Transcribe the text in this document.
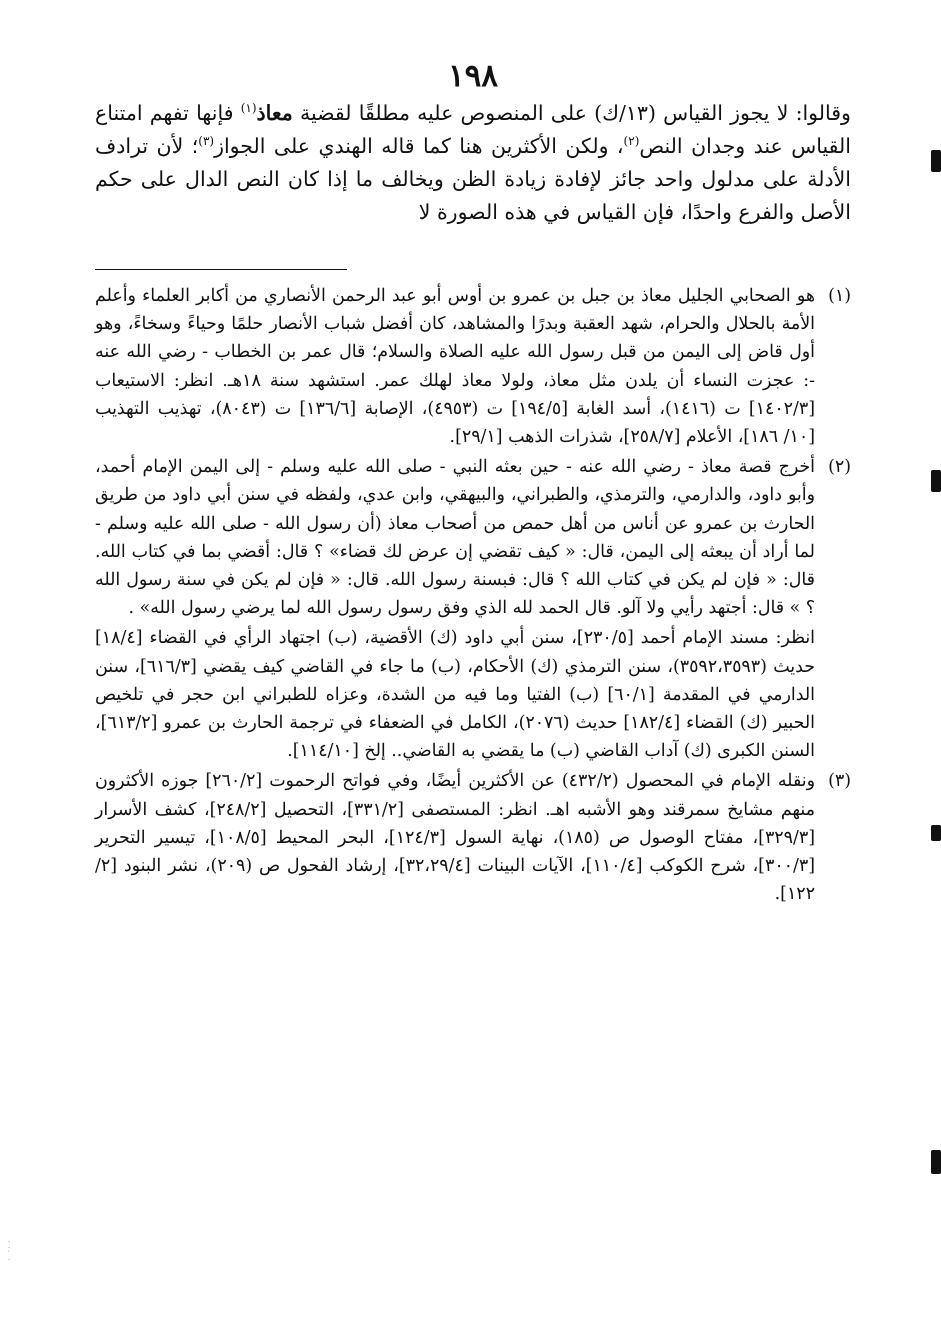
·
·
˙
·
١٩٨
وقالوا: لا يجوز القياس (١٣/ك) على المنصوص عليه مطلقًا لقضية معاذ$^{(١)}$ فإنها تفهم امتناع القياس عند وجدان النص$^{(٢)}$، ولكن الأكثرين هنا كما قاله الهندي على الجواز$^{(٣)}$؛ لأن ترادف الأدلة على مدلول واحد جائز لإفادة زيادة الظن ويخالف ما إذا كان النص الدال على حكم الأصل والفرع واحدًا، فإن القياس في هذه الصورة لا
(١)

هو الصحابي الجليل معاذ بن جبل بن عمرو بن أوس أبو عبد الرحمن الأنصاري من أكابر العلماء وأعلم الأمة بالحلال والحرام، شهد العقبة وبدرًا والمشاهد، كان أفضل شباب الأنصار حلمًا وحياءً وسخاءً، وهو أول قاض إلى اليمن من قبل رسول الله عليه الصلاة والسلام؛ قال عمر بن الخطاب - رضي الله عنه -: عجزت النساء أن يلدن مثل معاذ، ولولا معاذ لهلك عمر. استشهد سنة ١٨هـ. انظر: الاستيعاب [١٤٠٢/٣] ت (١٤١٦)، أسد الغابة [١٩٤/٥] ت (٤٩٥٣)، الإصابة [١٣٦/٦] ت (٨٠٤٣)، تهذيب التهذيب [١٠/ ١٨٦]، الأعلام [٢٥٨/٧]، شذرات الذهب [٢٩/١].

(٢)

أخرج قصة معاذ - رضي الله عنه - حين بعثه النبي - صلى الله عليه وسلم - إلى اليمن الإمام أحمد، وأبو داود، والدارمي، والترمذي، والطبراني، والبيهقي، وابن عدي، ولفظه في سنن أبي داود من طريق الحارث بن عمرو عن أناس من أهل حمص من أصحاب معاذ (أن رسول الله - صلى الله عليه وسلم - لما أراد أن يبعثه إلى اليمن، قال: « كيف تقضي إن عرض لك قضاء» ؟ قال: أقضي بما في كتاب الله. قال: « فإن لم يكن في كتاب الله ؟ قال: فبسنة رسول الله. قال: « فإن لم يكن في سنة رسول الله ؟ » قال: أجتهد رأيي ولا آلو. قال الحمد لله الذي وفق رسول رسول الله لما يرضي رسول الله» .

انظر: مسند الإمام أحمد [٢٣٠/٥]، سنن أبي داود (ك) الأقضية، (ب) اجتهاد الرأي في القضاء [١٨/٤] حديث (٣٥٩٢،٣٥٩٣)، سنن الترمذي (ك) الأحكام، (ب) ما جاء في القاضي كيف يقضي [٦١٦/٣]، سنن الدارمي في المقدمة [٦٠/١] (ب) الفتيا وما فيه من الشدة، وعزاه للطبراني ابن حجر في تلخيص الحبير (ك) القضاء [١٨٢/٤] حديث (٢٠٧٦)، الكامل في الضعفاء في ترجمة الحارث بن عمرو [٦١٣/٢]، السنن الكبرى (ك) آداب القاضي (ب) ما يقضي به القاضي.. إلخ [١١٤/١٠].

(٣)

ونقله الإمام في المحصول (٤٣٢/٢) عن الأكثرين أيضًا، وفي فواتح الرحموت [٢٦٠/٢] جوزه الأكثرون منهم مشايخ سمرقند وهو الأشبه اهـ. انظر: المستصفى [٣٣١/٢]، التحصيل [٢٤٨/٢]، كشف الأسرار [٣٢٩/٣]، مفتاح الوصول ص (١٨٥)، نهاية السول [١٢٤/٣]، البحر المحيط [١٠٨/٥]، تيسير التحرير [٣٠٠/٣]، شرح الكوكب [١١٠/٤]، الآيات البينات [٣٢،٢٩/٤]، إرشاد الفحول ص (٢٠٩)، نشر البنود [٢/ ١٢٢].
